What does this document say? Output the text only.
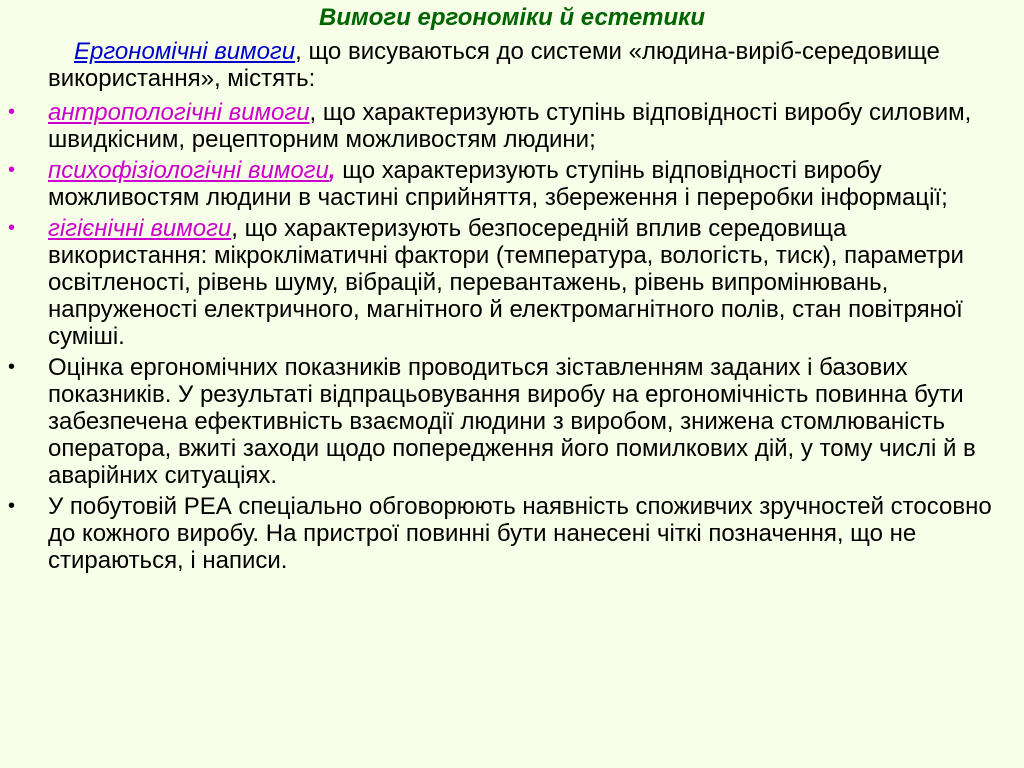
Вимоги ергономіки й естетики
Ергономічні вимоги, що висуваються до системи «людина-виріб-середовище використання», містять:
•	антропологічні вимоги, що характеризують ступінь відповідності виробу силовим, швидкісним, рецепторним можливостям людини;
•	психофізіологічні вимоги, що характеризують ступінь відповідності виробу можливостям людини в частині сприйняття, збереження і переробки інформації;
•	гігієнічні вимоги, що характеризують безпосередній вплив середовища використання: мікрокліматичні фактори (температура, вологість, тиск), параметри освітленості, рівень шуму, вібрацій, перевантажень, рівень випромінювань, напруженості електричного, магнітного й електромагнітного полів, стан повітряної суміші.
•	Оцінка ергономічних показників проводиться зіставленням заданих і базових показників. У результаті відпрацьовування виробу на ергономічність повинна бути забезпечена ефективність взаємодії людини з виробом, знижена стомлюваність оператора, вжиті заходи щодо попередження його помилкових дій, у тому числі й в аварійних ситуаціях.
•	У побутовій РЕА спеціально обговорюють наявність споживчих зручностей стосовно до кожного виробу. На пристрої повинні бути нанесені чіткі позначення, що не стираються, і написи.
